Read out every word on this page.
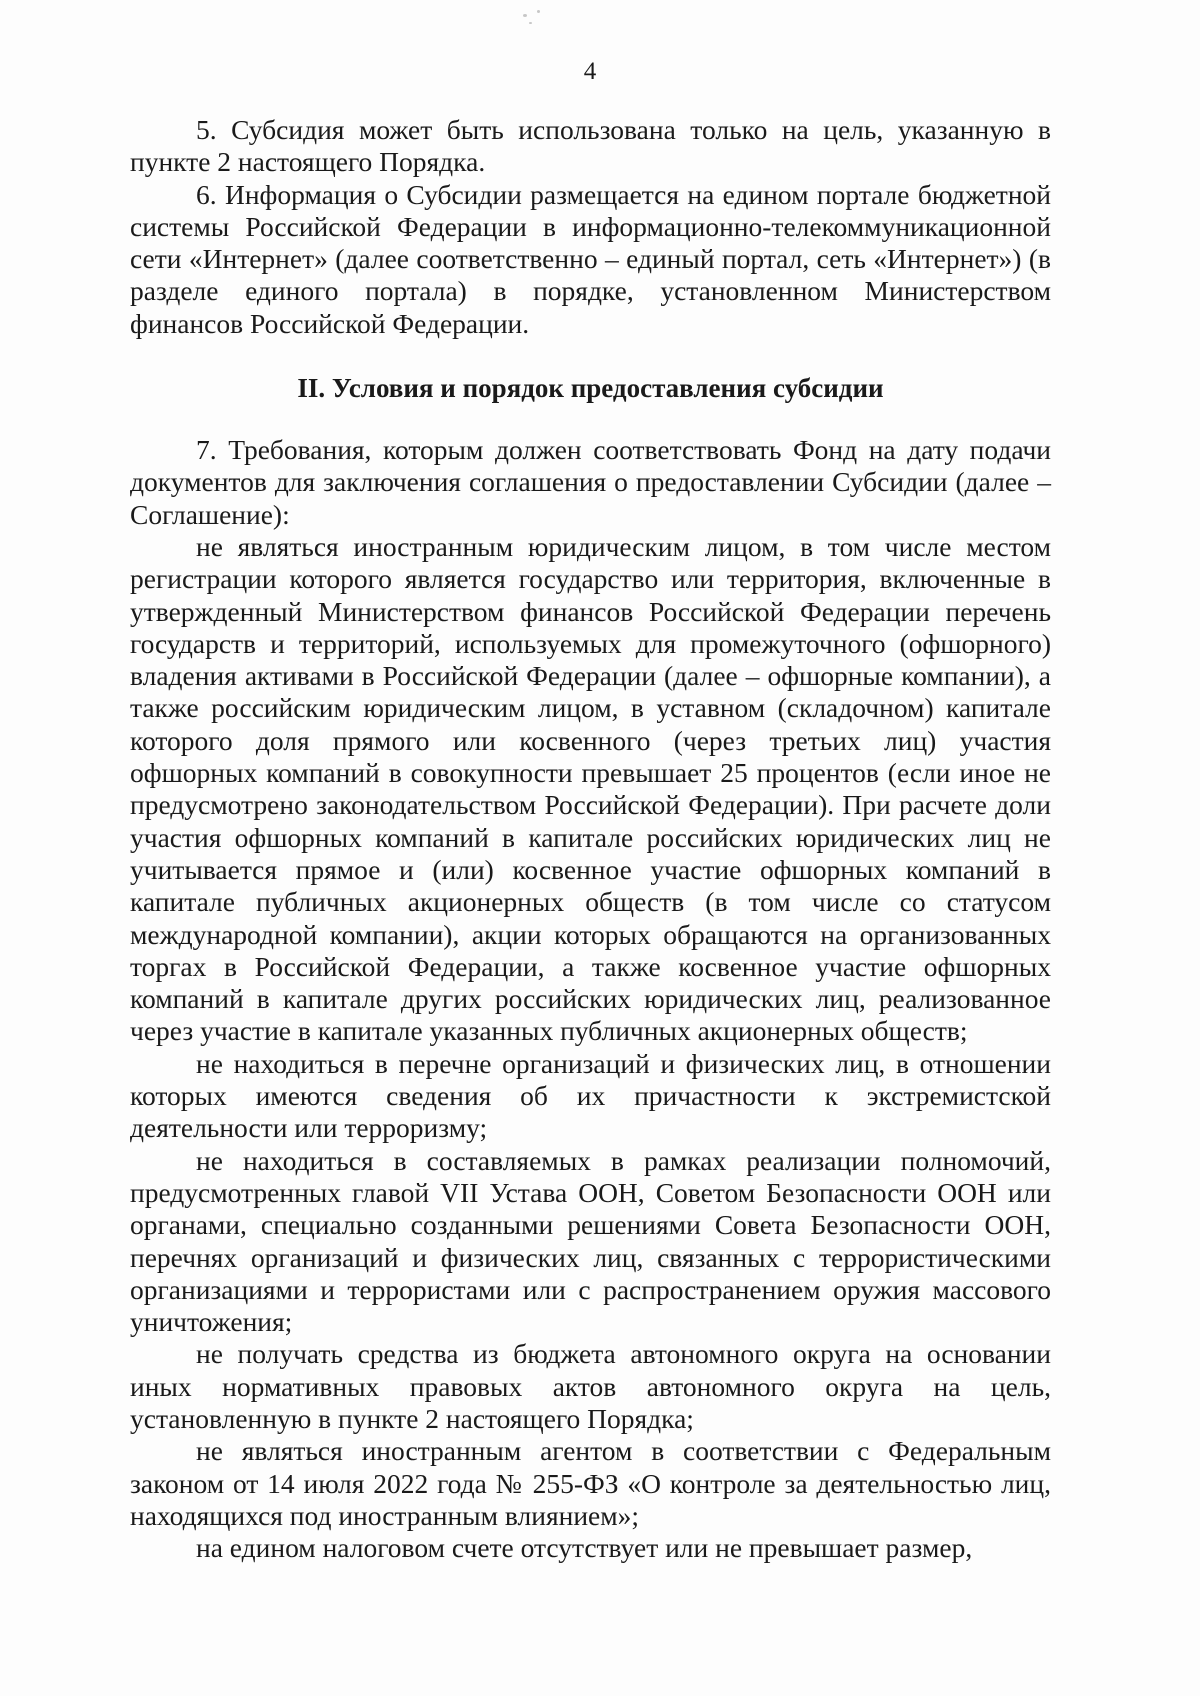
4

5. Субсидия может быть использована только на цель, указанную в пункте 2 настоящего Порядка.

6. Информация о Субсидии размещается на едином портале бюджетной системы Российской Федерации в информационно-телекоммуникационной сети «Интернет» (далее соответственно – единый портал, сеть «Интернет») (в разделе единого портала) в порядке, установленном Министерством финансов Российской Федерации.

II. Условия и порядок предоставления субсидии

7. Требования, которым должен соответствовать Фонд на дату подачи документов для заключения соглашения о предоставлении Субсидии (далее – Соглашение):

не являться иностранным юридическим лицом, в том числе местом регистрации которого является государство или территория, включенные в утвержденный Министерством финансов Российской Федерации перечень государств и территорий, используемых для промежуточного (офшорного) владения активами в Российской Федерации (далее – офшорные компании), а также российским юридическим лицом, в уставном (складочном) капитале которого доля прямого или косвенного (через третьих лиц) участия офшорных компаний в совокупности превышает 25 процентов (если иное не предусмотрено законодательством Российской Федерации). При расчете доли участия офшорных компаний в капитале российских юридических лиц не учитывается прямое и (или) косвенное участие офшорных компаний в капитале публичных акционерных обществ (в том числе со статусом международной компании), акции которых обращаются на организованных торгах в Российской Федерации, а также косвенное участие офшорных компаний в капитале других российских юридических лиц, реализованное через участие в капитале указанных публичных акционерных обществ;

не находиться в перечне организаций и физических лиц, в отношении которых имеются сведения об их причастности к экстремистской деятельности или терроризму;

не находиться в составляемых в рамках реализации полномочий, предусмотренных главой VII Устава ООН, Советом Безопасности ООН или органами, специально созданными решениями Совета Безопасности ООН, перечнях организаций и физических лиц, связанных с террористическими организациями и террористами или с распространением оружия массового уничтожения;

не получать средства из бюджета автономного округа на основании иных нормативных правовых актов автономного округа на цель, установленную в пункте 2 настоящего Порядка;

не являться иностранным агентом в соответствии с Федеральным законом от 14 июля 2022 года № 255-ФЗ «О контроле за деятельностью лиц, находящихся под иностранным влиянием»;

на едином налоговом счете отсутствует или не превышает размер,
